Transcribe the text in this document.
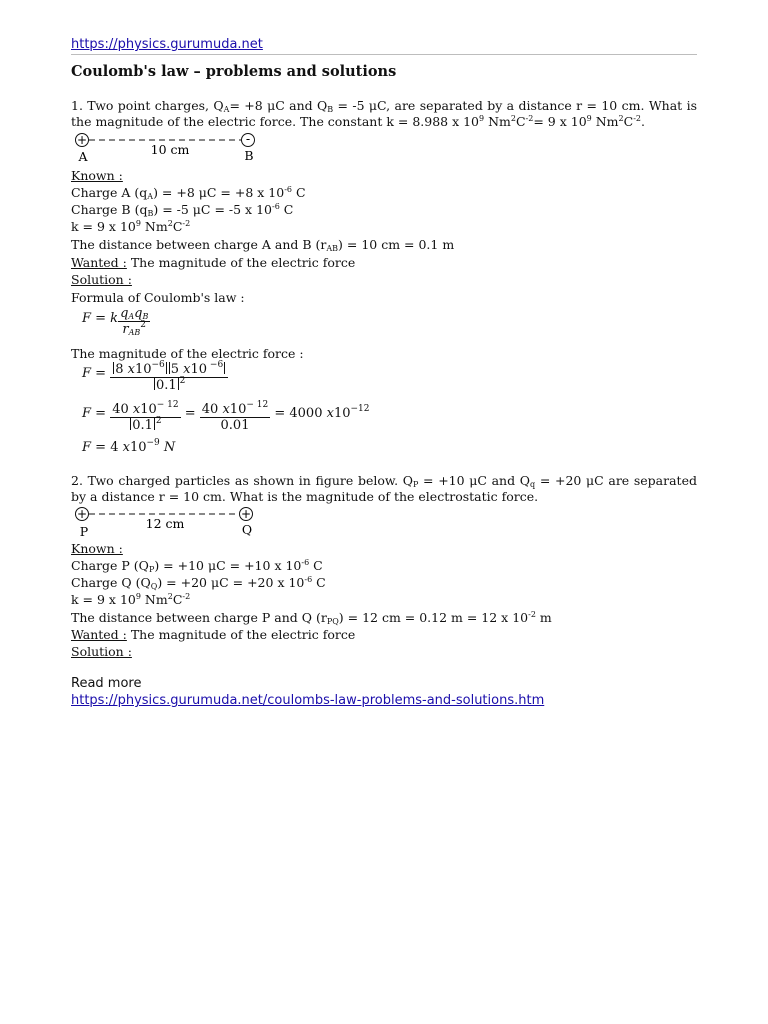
https://physics.gurumuda.net
Coulomb's law – problems and solutions
1. Two point charges, $Q_A= +8$ μC and $Q_B = -5$ μC, are separated by a distance r = 10 cm. What is the magnitude of the electric force. The constant k = 8.988 x $10^9$ $Nm^2C^{-2}= 9$ x $10^9$ $Nm^2C^{-2}$.
+	-
10 cm
A	B
Known :
Charge A $(q_A) = +8$ μC = +8 x $10^{-6}$ C
Charge B $(q_B) = -5$ μC = -5 x $10^{-6}$ C
k = 9 x $10^9$ $Nm^2C^{-2}$
The distance between charge A and B $(r_{AB}) = 10$ cm = 0.1 m
Wanted : The magnitude of the electric force
Solution :
Formula of Coulomb's law :
F = k $\frac{q_Aq_B}{r_{AB}^2}$
The magnitude of the electric force :
$F = \frac{8 x10^{-6} 5 x10 ^{-6}}{0.1 ^2}$
$F = \frac{40 x10^{- 12}}{0.1 ^2} = \frac{40 x10^{- 12}}{0.01} = 4000$ $x10^{-12}$
F = 4 $x10^{-9}$ N
2. Two charged particles as shown in figure below. $Q_P = +10$ μC and $Q_q = +20$ μC are separated by a distance r = 10 cm. What is the magnitude of the electrostatic force.
+	+
12 cm
P	Q
Known :
Charge P $(Q_P) = +10$ μC = +10 x $10^{-6}$ C
Charge Q $(Q_Q) = +20$ μC = +20 x $10^{-6}$ C
k = 9 x $10^9$ $Nm^2C^{-2}$
The distance between charge P and Q $(r_{PQ}) = 12$ cm = 0.12 m = 12 x $10^{-2}$ m
Wanted : The magnitude of the electric force
Solution :
Read more
https://physics.gurumuda.net/coulombs-law-problems-and-solutions.htm
